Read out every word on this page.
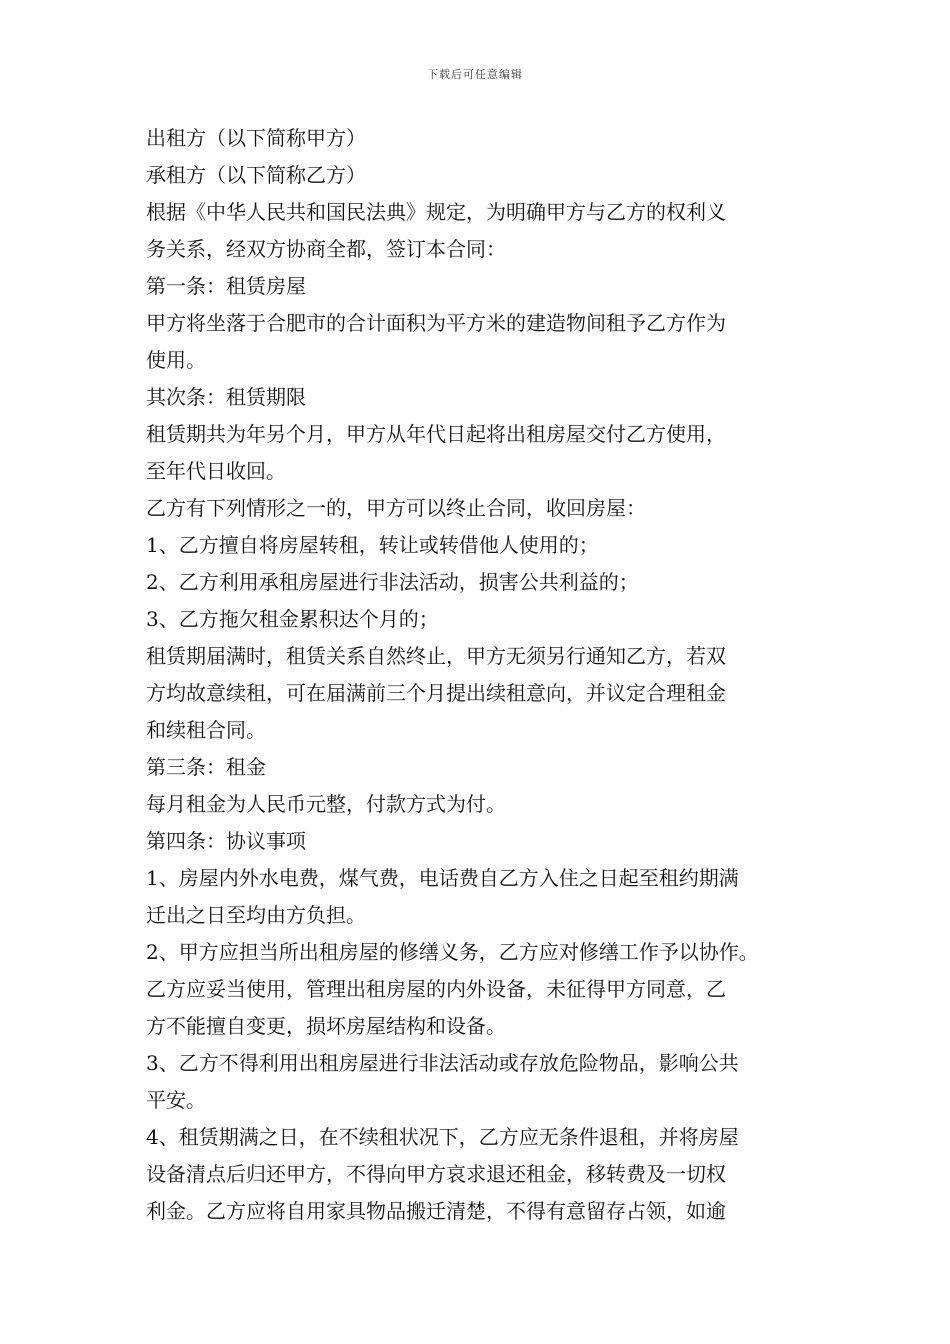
下载后可任意编辑
出租方（以下简称甲方）
承租方（以下简称乙方）
根据《中华人民共和国民法典》规定，为明确甲方与乙方的权利义
务关系，经双方协商全都，签订本合同：
第一条：租赁房屋
甲方将坐落于合肥市的合计面积为平方米的建造物间租予乙方作为
使用。
其次条：租赁期限
租赁期共为年另个月，甲方从年代日起将出租房屋交付乙方使用，
至年代日收回。
乙方有下列情形之一的，甲方可以终止合同，收回房屋：
1、乙方擅自将房屋转租，转让或转借他人使用的；
2、乙方利用承租房屋进行非法活动，损害公共利益的；
3、乙方拖欠租金累积达个月的；
租赁期届满时，租赁关系自然终止，甲方无须另行通知乙方，若双
方均故意续租，可在届满前三个月提出续租意向，并议定合理租金
和续租合同。
第三条：租金
每月租金为人民币元整，付款方式为付。
第四条：协议事项
1、房屋内外水电费，煤气费，电话费自乙方入住之日起至租约期满
迁出之日至均由方负担。
2、甲方应担当所出租房屋的修缮义务，乙方应对修缮工作予以协作。
乙方应妥当使用，管理出租房屋的内外设备，未征得甲方同意，乙
方不能擅自变更，损坏房屋结构和设备。
3、乙方不得利用出租房屋进行非法活动或存放危险物品，影响公共
平安。
4、租赁期满之日，在不续租状况下，乙方应无条件退租，并将房屋
设备清点后归还甲方，不得向甲方哀求退还租金，移转费及一切权
利金。乙方应将自用家具物品搬迁清楚，不得有意留存占领，如逾
